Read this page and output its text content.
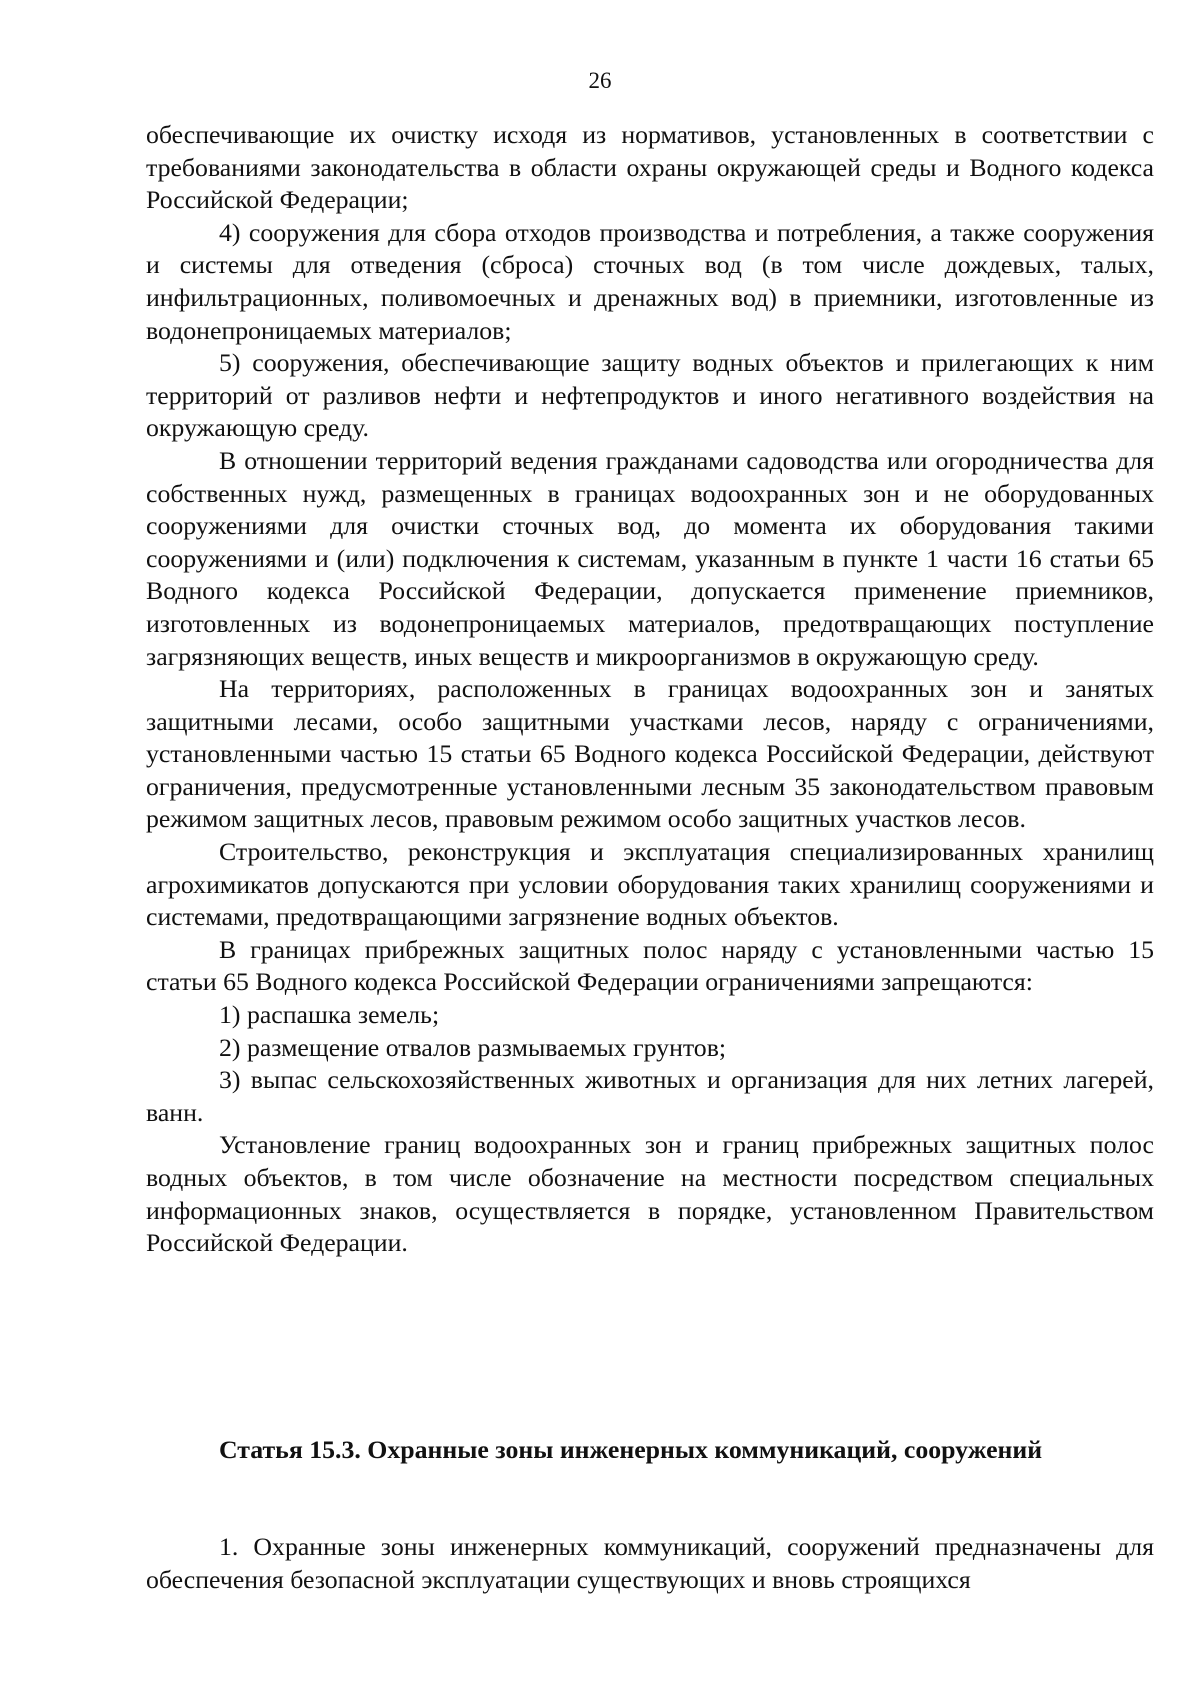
26

обеспечивающие их очистку исходя из нормативов, установленных в соответствии с требованиями законодательства в области охраны окружающей среды и Водного кодекса Российской Федерации;

4) сооружения для сбора отходов производства и потребления, а также сооружения и системы для отведения (сброса) сточных вод (в том числе дождевых, талых, инфильтрационных, поливомоечных и дренажных вод) в приемники, изготовленные из водонепроницаемых материалов;

5) сооружения, обеспечивающие защиту водных объектов и прилегающих к ним территорий от разливов нефти и нефтепродуктов и иного негативного воздействия на окружающую среду.

В отношении территорий ведения гражданами садоводства или огородничества для собственных нужд, размещенных в границах водоохранных зон и не оборудованных сооружениями для очистки сточных вод, до момента их оборудования такими сооружениями и (или) подключения к системам, указанным в пункте 1 части 16 статьи 65 Водного кодекса Российской Федерации, допускается применение приемников, изготовленных из водонепроницаемых материалов, предотвращающих поступление загрязняющих веществ, иных веществ и микроорганизмов в окружающую среду.

На территориях, расположенных в границах водоохранных зон и занятых защитными лесами, особо защитными участками лесов, наряду с ограничениями, установленными частью 15 статьи 65 Водного кодекса Российской Федерации, действуют ограничения, предусмотренные установленными лесным 35 законодательством правовым режимом защитных лесов, правовым режимом особо защитных участков лесов.

Строительство, реконструкция и эксплуатация специализированных хранилищ агрохимикатов допускаются при условии оборудования таких хранилищ сооружениями и системами, предотвращающими загрязнение водных объектов.

В границах прибрежных защитных полос наряду с установленными частью 15 статьи 65 Водного кодекса Российской Федерации ограничениями запрещаются:

1) распашка земель;

2) размещение отвалов размываемых грунтов;

3) выпас сельскохозяйственных животных и организация для них летних лагерей, ванн.

Установление границ водоохранных зон и границ прибрежных защитных полос водных объектов, в том числе обозначение на местности посредством специальных информационных знаков, осуществляется в порядке, установленном Правительством Российской Федерации.

Статья 15.3. Охранные зоны инженерных коммуникаций, сооружений

1. Охранные зоны инженерных коммуникаций, сооружений предназначены для обеспечения безопасной эксплуатации существующих и вновь строящихся
